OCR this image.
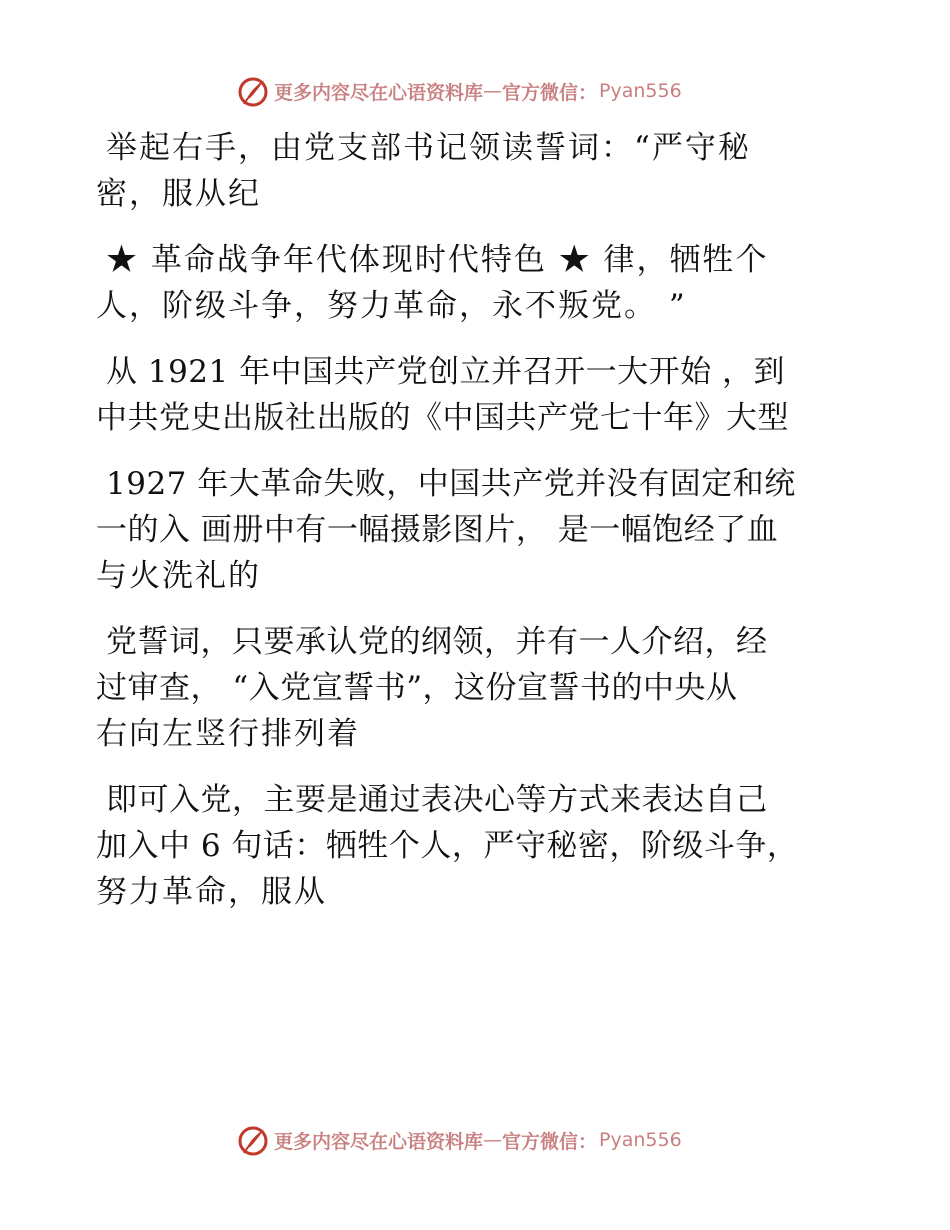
更多内容尽在心语资料库 — 官方微信： Pyan556
举起右手，由党支部书记领读誓词：“严守秘
密，服从纪
★ 革命战争年代体现时代特色 ★ 律，牺牲个
人，阶级斗争，努力革命，永不叛党。 ”
从 1921 年中国共产党创立并召开一大开始 ，到
中共党史出版社出版的《中国共产党七十年》大型
1927 年大革命失败，中国共产党并没有固定和统
一的入 画册中有一幅摄影图片， 是一幅饱经了血
与火洗礼的
党誓词，只要承认党的纲领，并有一人介绍，经
过审查， “入党宣誓书”，这份宣誓书的中央从
右向左竖行排列着
即可入党，主要是通过表决心等方式来表达自己
加入中 6 句话：牺牲个人，严守秘密，阶级斗争，
努力革命，服从
更多内容尽在心语资料库 — 官方微信： Pyan556
